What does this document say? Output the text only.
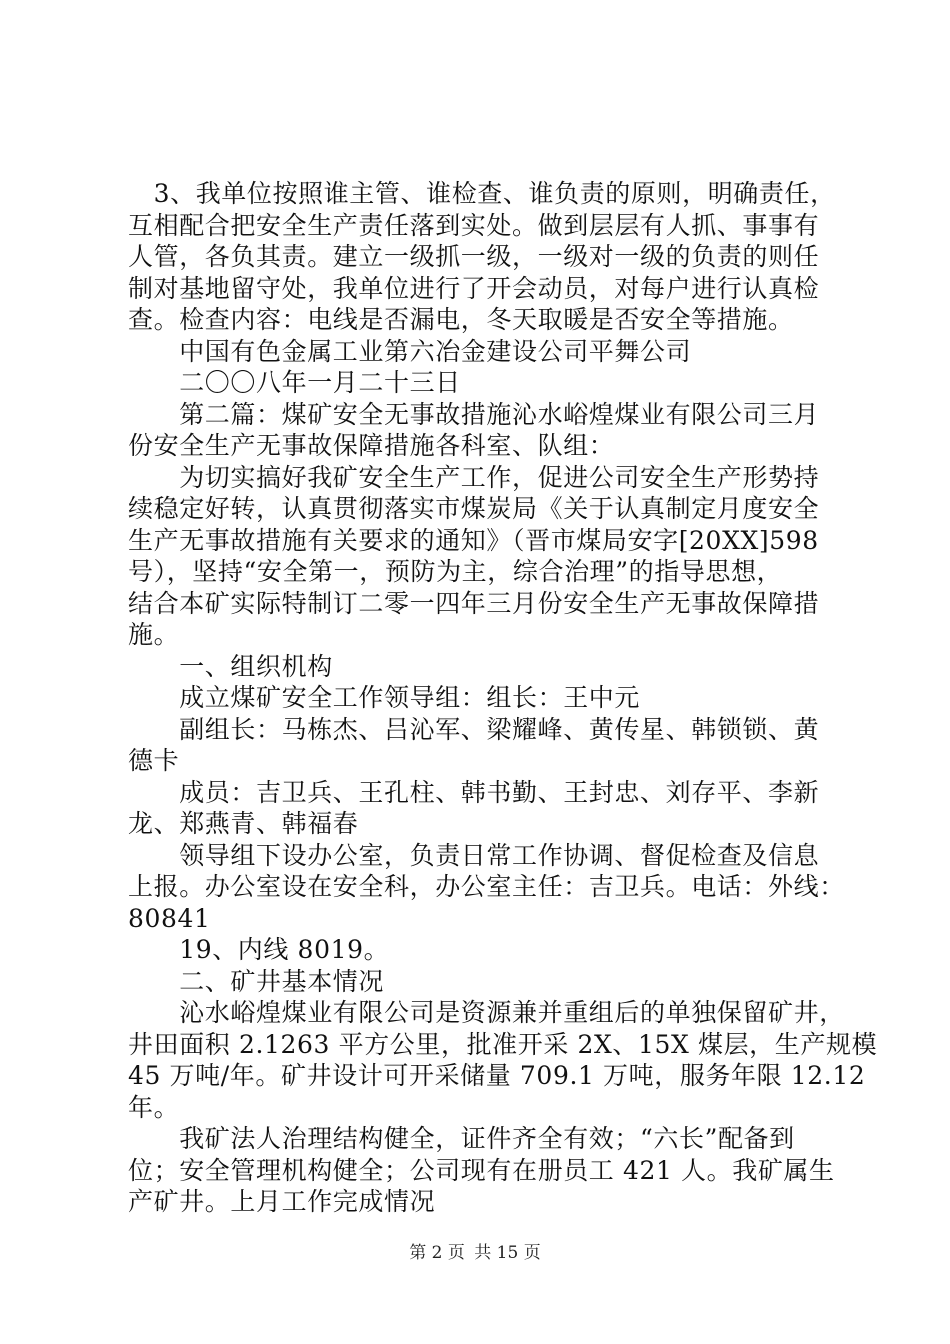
　3、我单位按照谁主管、谁检查、谁负责的原则，明确责任，
互相配合把安全生产责任落到实处。做到层层有人抓、事事有
人管，各负其责。建立一级抓一级，一级对一级的负责的则任
制对基地留守处，我单位进行了开会动员，对每户进行认真检
查。检查内容：电线是否漏电，冬天取暖是否安全等措施。
　　中国有色金属工业第六冶金建设公司平舞公司
　　二〇〇八年一月二十三日
　　第二篇：煤矿安全无事故措施沁水峪煌煤业有限公司三月
份安全生产无事故保障措施各科室、队组：
　　为切实搞好我矿安全生产工作，促进公司安全生产形势持
续稳定好转，认真贯彻落实市煤炭局《关于认真制定月度安全
生产无事故措施有关要求的通知》（晋市煤局安字[20XX]598
号），坚持“安全第一，预防为主，综合治理”的指导思想，
结合本矿实际特制订二零一四年三月份安全生产无事故保障措
施。
　　一、组织机构
　　成立煤矿安全工作领导组：组长：王中元
　　副组长：马栋杰、吕沁军、梁耀峰、黄传星、韩锁锁、黄
德卡
　　成员：吉卫兵、王孔柱、韩书勤、王封忠、刘存平、李新
龙、郑燕青、韩福春
　　领导组下设办公室，负责日常工作协调、督促检查及信息
上报。办公室设在安全科，办公室主任：吉卫兵。电话：外线：
80841
　　19、内线 8019。
　　二、矿井基本情况
　　沁水峪煌煤业有限公司是资源兼并重组后的单独保留矿井，
井田面积 2.1263 平方公里，批准开采 2X、15X 煤层，生产规模
45 万吨/年。矿井设计可开采储量 709.1 万吨，服务年限 12.12
年。
　　我矿法人治理结构健全，证件齐全有效；“六长”配备到
位；安全管理机构健全；公司现有在册员工 421 人。我矿属生
产矿井。上月工作完成情况
第 2 页 共 15 页
